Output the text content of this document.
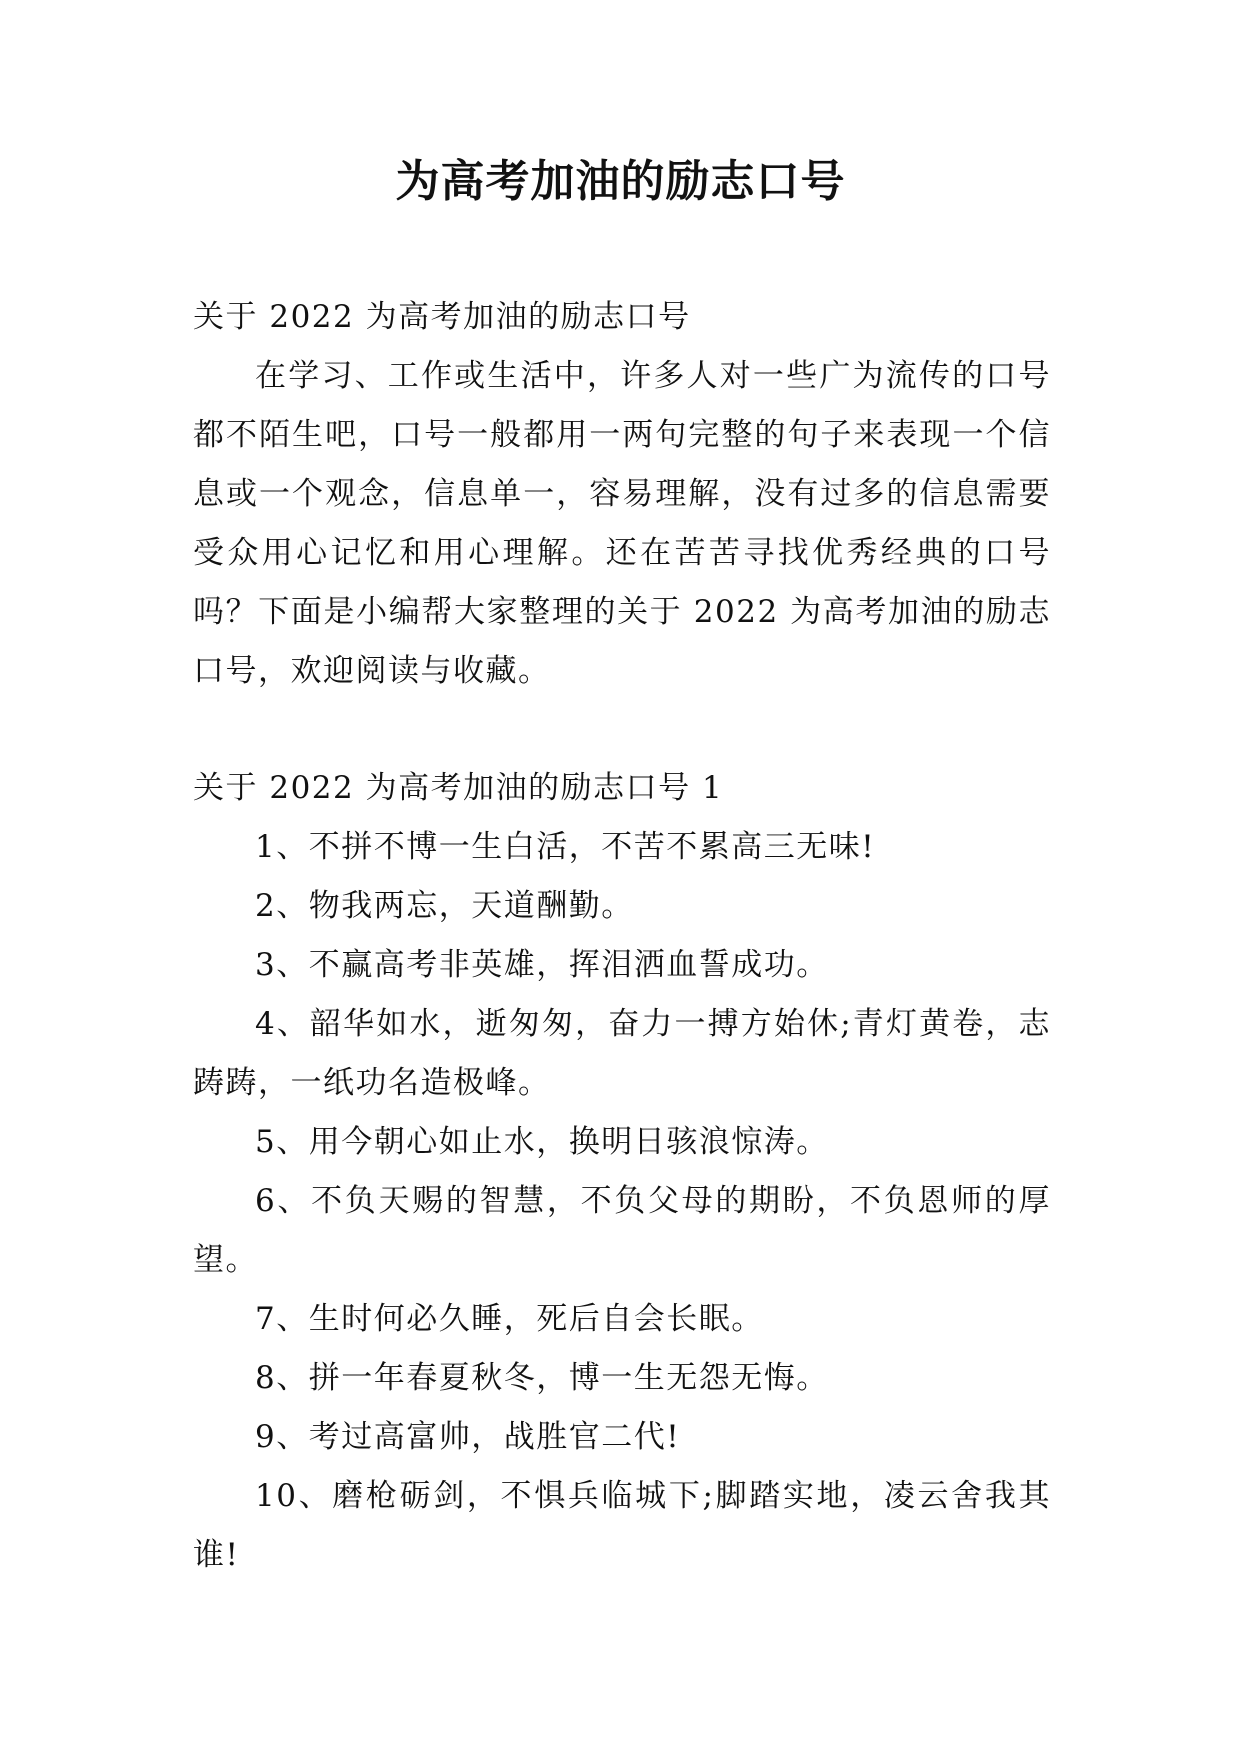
为高考加油的励志口号

关于 2022 为高考加油的励志口号

在学习、工作或生活中，许多人对一些广为流传的口号都不陌生吧，口号一般都用一两句完整的句子来表现一个信息或一个观念，信息单一，容易理解，没有过多的信息需要受众用心记忆和用心理解。还在苦苦寻找优秀经典的口号吗？下面是小编帮大家整理的关于 2022 为高考加油的励志口号，欢迎阅读与收藏。

关于 2022 为高考加油的励志口号 1

1、不拼不博一生白活，不苦不累高三无味!

2、物我两忘，天道酬勤。

3、不赢高考非英雄，挥泪洒血誓成功。

4、韶华如水，逝匆匆，奋力一搏方始休;青灯黄卷，志踌踌，一纸功名造极峰。

5、用今朝心如止水，换明日骇浪惊涛。

6、不负天赐的智慧，不负父母的期盼，不负恩师的厚望。

7、生时何必久睡，死后自会长眠。

8、拼一年春夏秋冬，博一生无怨无悔。

9、考过高富帅，战胜官二代!

10、磨枪砺剑，不惧兵临城下;脚踏实地，凌云舍我其谁!
